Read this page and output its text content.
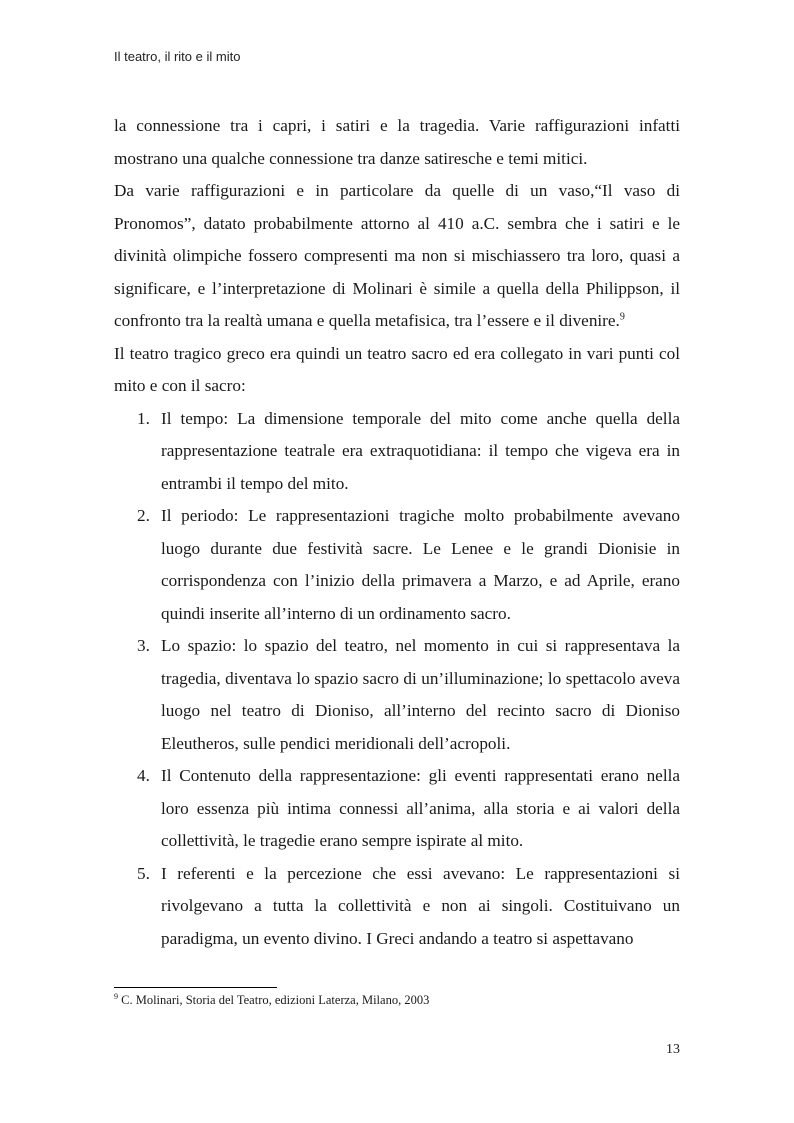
Il teatro, il rito e il mito

la connessione tra i capri, i satiri e la tragedia. Varie raffigurazioni infatti mostrano una qualche connessione tra danze satiresche e temi mitici.

Da varie raffigurazioni e in particolare da quelle di un vaso,“Il vaso di Pronomos”, datato probabilmente attorno al 410 a.C. sembra che i satiri e le divinità olimpiche fossero compresenti ma non si mischiassero tra loro, quasi a significare, e l’interpretazione di Molinari è simile a quella della Philippson, il confronto tra la realtà umana e quella metafisica, tra l’essere e il divenire.$^9$

Il teatro tragico greco era quindi un teatro sacro ed era collegato in vari punti col mito e con il sacro:

1. Il tempo: La dimensione temporale del mito come anche quella della rappresentazione teatrale era extraquotidiana: il tempo che vigeva era in entrambi il tempo del mito.
2. Il periodo: Le rappresentazioni tragiche molto probabilmente avevano luogo durante due festività sacre. Le Lenee e le grandi Dionisie in corrispondenza con l’inizio della primavera a Marzo, e ad Aprile, erano quindi inserite all’interno di un ordinamento sacro.
3. Lo spazio: lo spazio del teatro, nel momento in cui si rappresentava la tragedia, diventava lo spazio sacro di un’illuminazione; lo spettacolo aveva luogo nel teatro di Dioniso, all’interno del recinto sacro di Dioniso Eleutheros, sulle pendici meridionali dell’acropoli.
4. Il Contenuto della rappresentazione: gli eventi rappresentati erano nella loro essenza più intima connessi all’anima, alla storia e ai valori della collettività, le tragedie erano sempre ispirate al mito.
5. I referenti e la percezione che essi avevano: Le rappresentazioni si rivolgevano a tutta la collettività e non ai singoli. Costituivano un paradigma, un evento divino. I Greci andando a teatro si aspettavano

$^9$ C. Molinari, Storia del Teatro, edizioni Laterza, Milano, 2003

13
